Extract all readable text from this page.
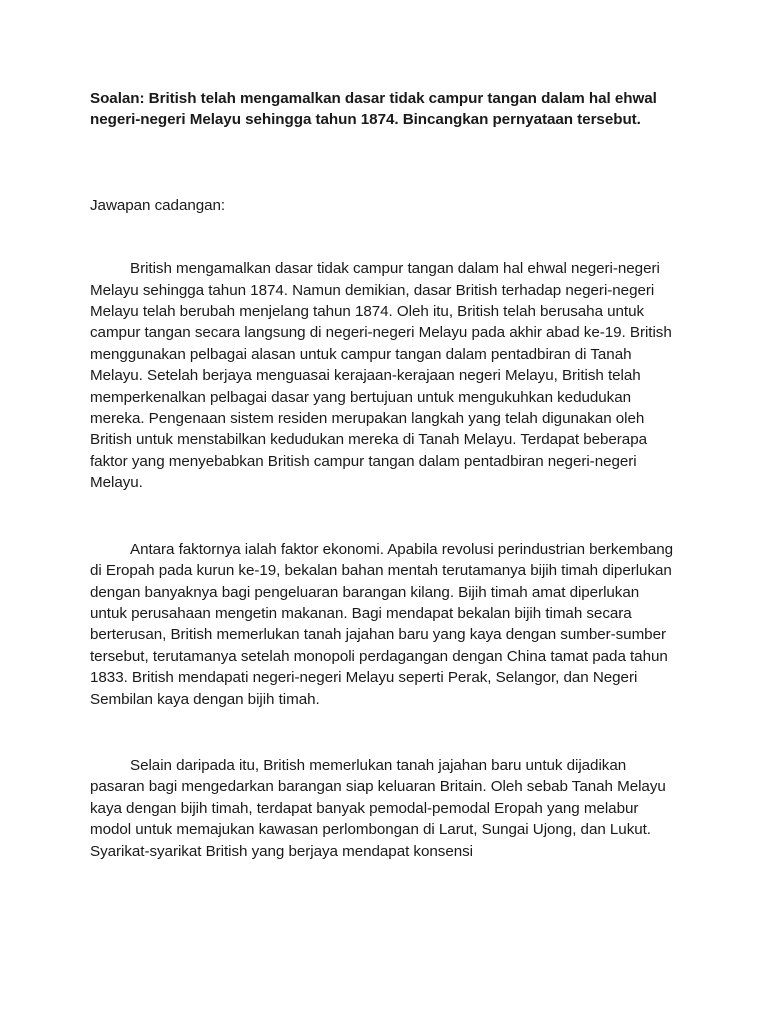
Soalan: British telah mengamalkan dasar tidak campur tangan dalam hal ehwal negeri-negeri Melayu sehingga tahun 1874. Bincangkan pernyataan tersebut.

Jawapan cadangan:

British mengamalkan dasar tidak campur tangan dalam hal ehwal negeri-negeri Melayu sehingga tahun 1874. Namun demikian, dasar British terhadap negeri-negeri Melayu telah berubah menjelang tahun 1874. Oleh itu, British telah berusaha untuk campur tangan secara langsung di negeri-negeri Melayu pada akhir abad ke-19. British menggunakan pelbagai alasan untuk campur tangan dalam pentadbiran di Tanah Melayu. Setelah berjaya menguasai kerajaan-kerajaan negeri Melayu, British telah memperkenalkan pelbagai dasar yang bertujuan untuk mengukuhkan kedudukan mereka. Pengenaan sistem residen merupakan langkah yang telah digunakan oleh British untuk menstabilkan kedudukan mereka di Tanah Melayu. Terdapat beberapa faktor yang menyebabkan British campur tangan dalam pentadbiran negeri-negeri Melayu.

Antara faktornya ialah faktor ekonomi. Apabila revolusi perindustrian berkembang di Eropah pada kurun ke-19, bekalan bahan mentah terutamanya bijih timah diperlukan dengan banyaknya bagi pengeluaran barangan kilang. Bijih timah amat diperlukan untuk perusahaan mengetin makanan. Bagi mendapat bekalan bijih timah secara berterusan, British memerlukan tanah jajahan baru yang kaya dengan sumber-sumber tersebut, terutamanya setelah monopoli perdagangan dengan China tamat pada tahun 1833. British mendapati negeri-negeri Melayu seperti Perak, Selangor, dan Negeri Sembilan kaya dengan bijih timah.

Selain daripada itu, British memerlukan tanah jajahan baru untuk dijadikan pasaran bagi mengedarkan barangan siap keluaran Britain. Oleh sebab Tanah Melayu kaya dengan bijih timah, terdapat banyak pemodal-pemodal Eropah yang melabur modol untuk memajukan kawasan perlombongan di Larut, Sungai Ujong, dan Lukut. Syarikat-syarikat British yang berjaya mendapat konsensi
